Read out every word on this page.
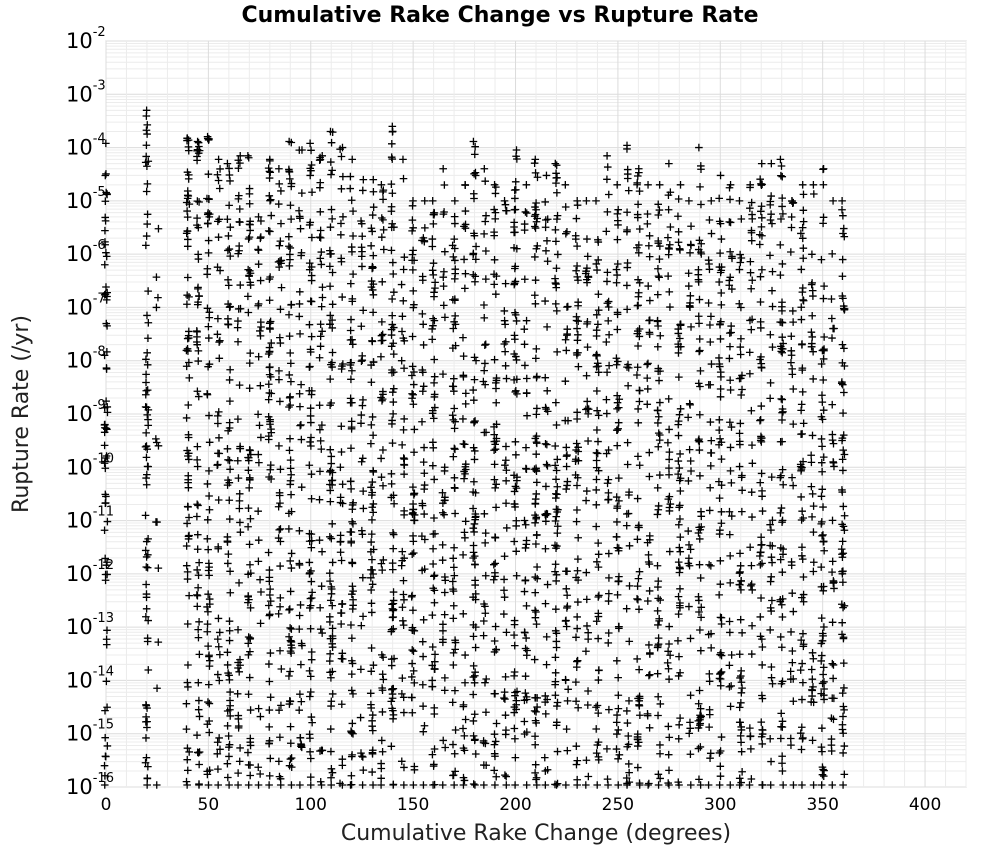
Cumulative Rake Change vs Rupture Rate
0	50	100	150	200	250	300	350	400
$10^{-2}$
$10^{-3}$
$10^{-4}$
$10^{-5}$
$10^{-6}$
$10^{-7}$
$10^{-8}$
$10^{-9}$
$10^{-10}$
$10^{-11}$
$10^{-12}$
$10^{-13}$
$10^{-14}$
$10^{-15}$
$10^{-16}$
Cumulative Rake Change (degrees)
Rupture Rate (/yr)
